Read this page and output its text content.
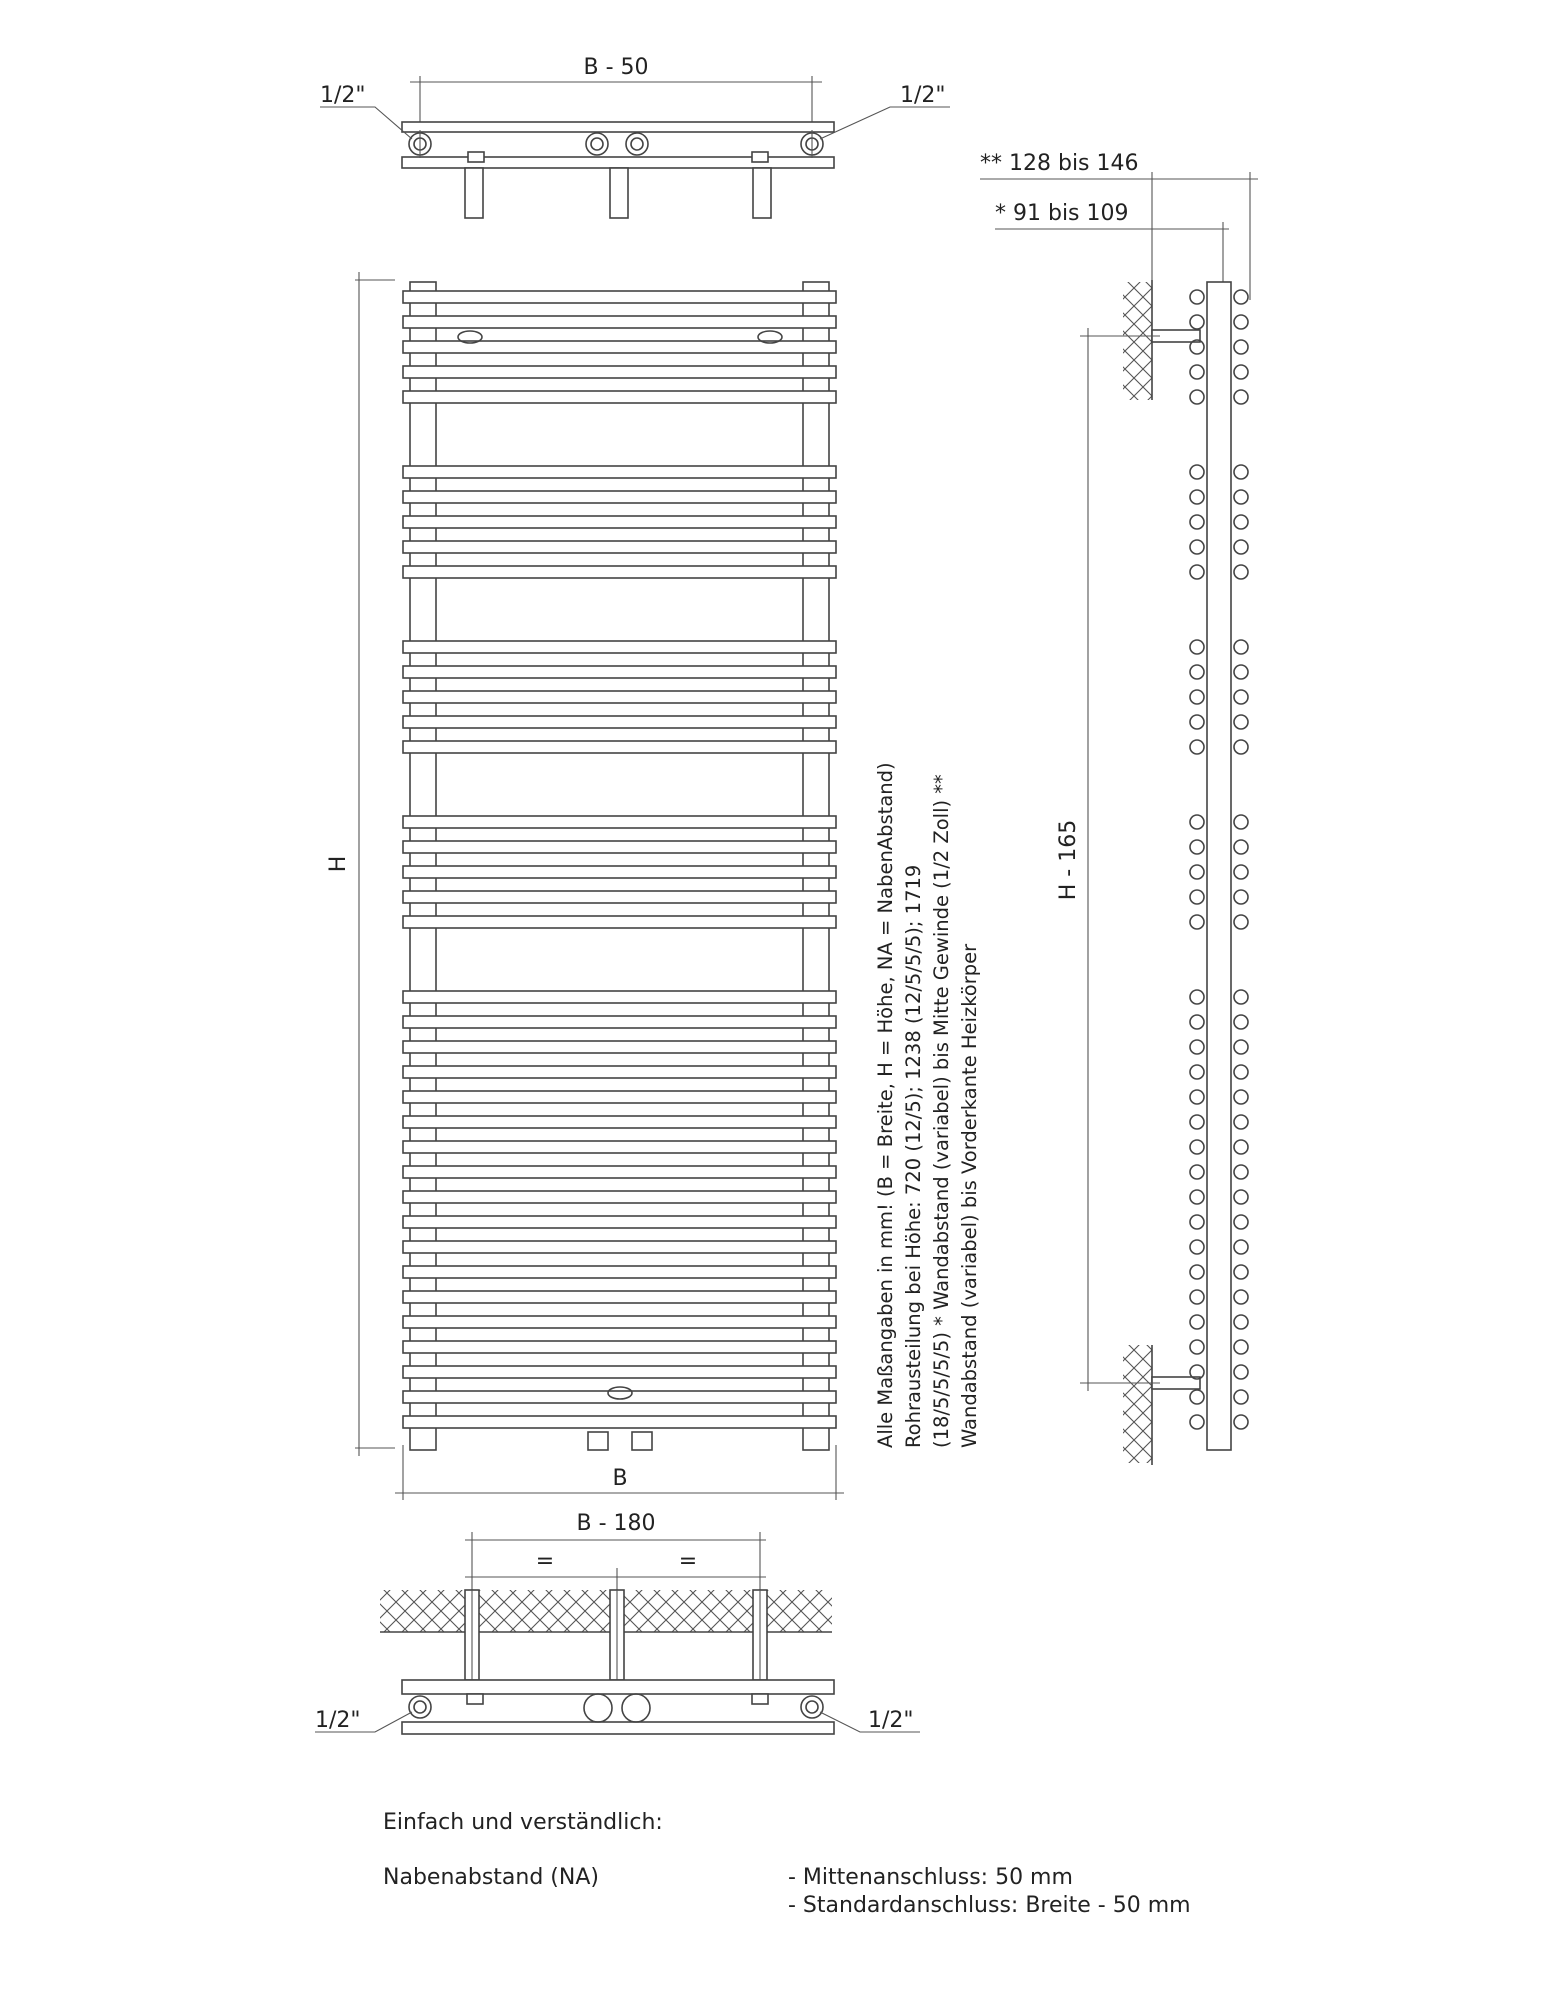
B - 50
1/2"	1/2"
H
B
Alle Maßangaben in mm! (B = Breite, H = Höhe, NA = NabenAbstand) Rohrausteilung bei Höhe: 720 (12/5); 1238 (12/5/5/5); 1719 (18/5/5/5/5) * Wandabstand (variabel) bis Mitte Gewinde (1/2 Zoll) ** Wandabstand (variabel) bis Vorderkante Heizkörper
** 128 bis 146
* 91 bis 109
H - 165
B - 180
=	=
1/2"	1/2"
Einfach und verständlich:
Nabenabstand (NA)	- Mittenanschluss: 50 mm
- Standardanschluss: Breite - 50 mm
